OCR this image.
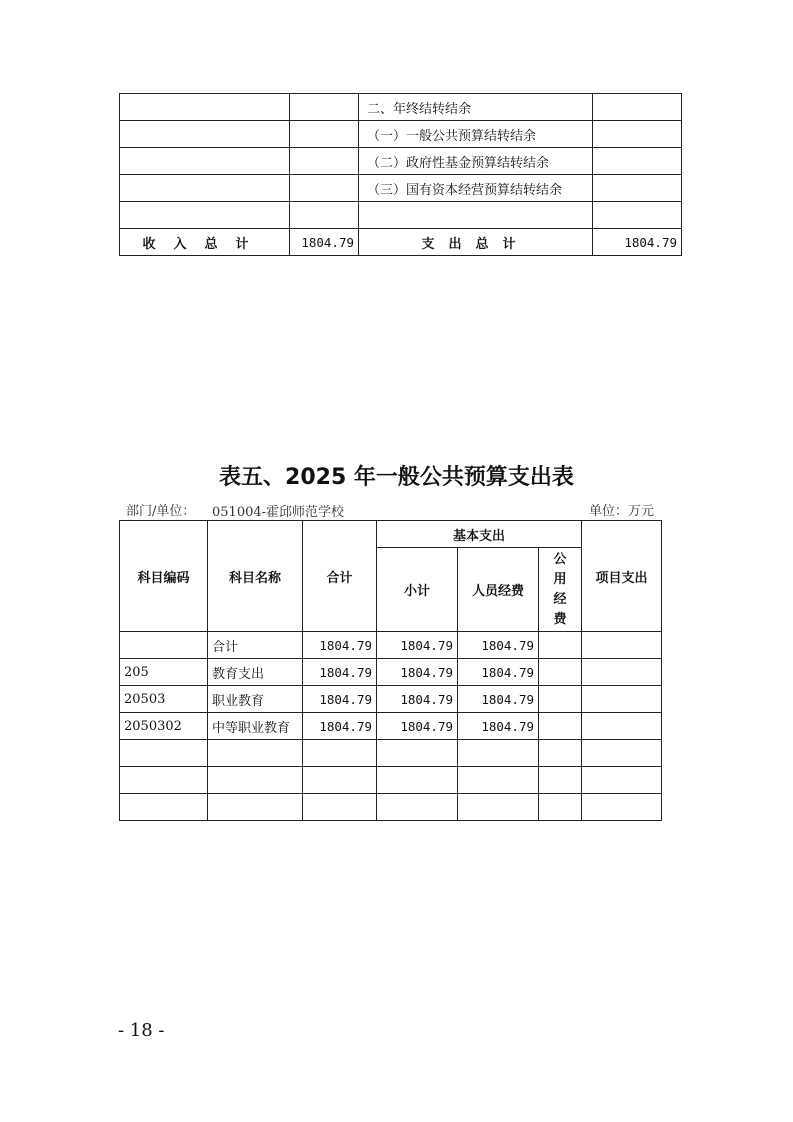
		二、年终结转结余	
		（一）一般公共预算结转结余	
		（二）政府性基金预算结转结余	
		（三）国有资本经营预算结转结余	

收入总计	1804.79	支出总计	1804.79
表五、2025 年一般公共预算支出表
部门/单位： 051004-霍邱师范学校	单位：万元
科目编码	科目名称	合计	基本支出			项目支出
			小计	人员经费	公用经费	

	合计	1804.79	1804.79	1804.79		
205	教育支出	1804.79	1804.79	1804.79		
20503	职业教育	1804.79	1804.79	1804.79		
2050302	中等职业教育	1804.79	1804.79	1804.79		

- 18 -
